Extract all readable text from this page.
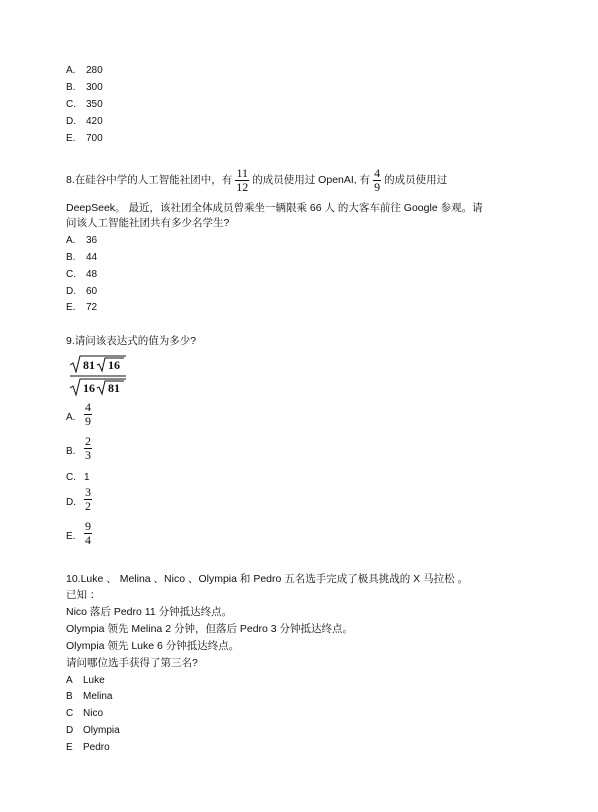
A. 280
B. 300
C. 350
D. 420
E. 700
8.在硅谷中学的人工智能社团中，有 $\frac{11}{12}$ 的成员使用过 OpenAI, 有 $\frac{4}{9}$ 的成员使用过
DeepSeek。 最近，该社团全体成员曾乘坐一辆限乘 66 人 的大客车前往 Google 参观。请
问该人工智能社团共有多少名学生?
A. 36
B. 44
C. 48
D. 60
E. 72
9.请问该表达式的值为多少?
81 16
16 81
A. $\frac{4}{9}$
B. $\frac{2}{3}$
C. 1
D. $\frac{3}{2}$
E. $\frac{9}{4}$
10.Luke 、 Melina 、Nico 、Olympia 和 Pedro 五名选手完成了极具挑战的 X 马拉松 。
已知 ：
Nico 落后 Pedro 11 分钟抵达终点。
Olympia 领先 Melina 2 分钟，但落后 Pedro 3 分钟抵达终点。
Olympia 领先 Luke 6 分钟抵达终点。
请问哪位选手获得了第三名?
A Luke
B Melina
C Nico
D Olympia
E Pedro
